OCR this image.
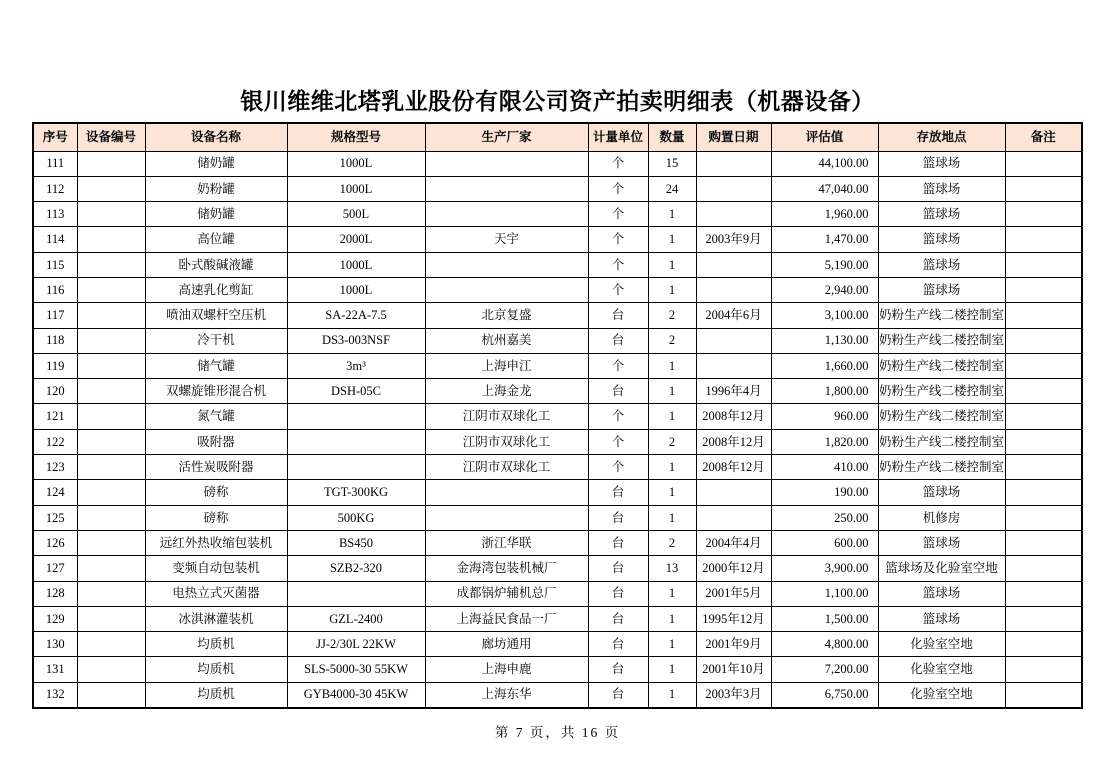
银川维维北塔乳业股份有限公司资产拍卖明细表（机器设备）
序号	设备编号	设备名称	规格型号	生产厂家	计量单位	数量	购置日期	评估值	存放地点	备注
111		储奶罐	1000L		个	15		44,100.00	篮球场	
112		奶粉罐	1000L		个	24		47,040.00	篮球场	
113		储奶罐	500L		个	1		1,960.00	篮球场	
114		高位罐	2000L	天宇	个	1	2003年9月	1,470.00	篮球场	
115		卧式酸碱液罐	1000L		个	1		5,190.00	篮球场	
116		高速乳化剪缸	1000L		个	1		2,940.00	篮球场	
117		喷油双螺杆空压机	SA-22A-7.5	北京复盛	台	2	2004年6月	3,100.00	奶粉生产线二楼控制室	
118		冷干机	DS3-003NSF	杭州嘉美	台	2		1,130.00	奶粉生产线二楼控制室	
119		储气罐	3m³	上海申江	个	1		1,660.00	奶粉生产线二楼控制室	
120		双螺旋锥形混合机	DSH-05C	上海金龙	台	1	1996年4月	1,800.00	奶粉生产线二楼控制室	
121		氮气罐		江阴市双球化工	个	1	2008年12月	960.00	奶粉生产线二楼控制室	
122		吸附器		江阴市双球化工	个	2	2008年12月	1,820.00	奶粉生产线二楼控制室	
123		活性炭吸附器		江阴市双球化工	个	1	2008年12月	410.00	奶粉生产线二楼控制室	
124		磅称	TGT-300KG		台	1		190.00	篮球场	
125		磅称	500KG		台	1		250.00	机修房	
126		远红外热收缩包装机	BS450	浙江华联	台	2	2004年4月	600.00	篮球场	
127		变频自动包装机	SZB2-320	金海湾包装机械厂	台	13	2000年12月	3,900.00	篮球场及化验室空地	
128		电热立式灭菌器		成都锅炉辅机总厂	台	1	2001年5月	1,100.00	篮球场	
129		冰淇淋灌装机	GZL-2400	上海益民食品一厂	台	1	1995年12月	1,500.00	篮球场	
130		均质机	JJ-2/30L 22KW	廊坊通用	台	1	2001年9月	4,800.00	化验室空地	
131		均质机	SLS-5000-30 55KW	上海申鹿	台	1	2001年10月	7,200.00	化验室空地	
132		均质机	GYB4000-30 45KW	上海东华	台	1	2003年3月	6,750.00	化验室空地	
第 7 页，共 16 页
